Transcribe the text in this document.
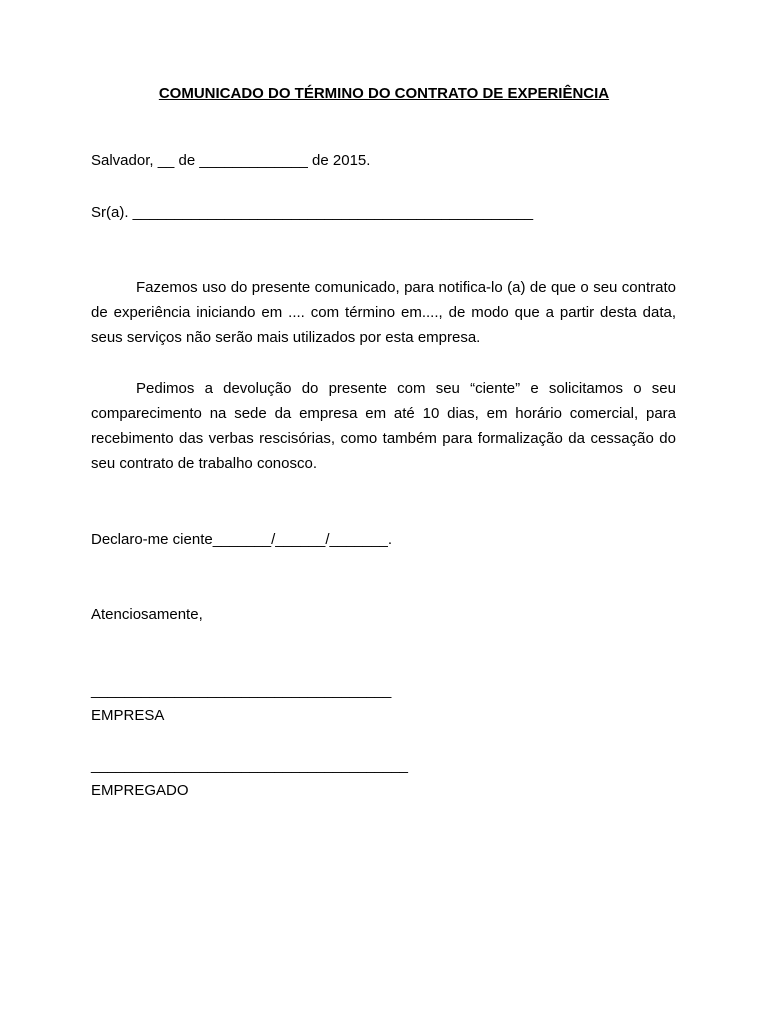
COMUNICADO DO TÉRMINO DO CONTRATO DE EXPERIÊNCIA
Salvador, __ de _____________ de 2015.
Sr(a). ________________________________________________
Fazemos uso do presente comunicado, para notifica-lo (a) de que o seu contrato de experiência iniciando em .... com término em...., de modo que a partir desta data, seus serviços não serão mais utilizados por esta empresa.
Pedimos a devolução do presente com seu “ciente” e solicitamos o seu comparecimento na sede da empresa em até 10 dias, em horário comercial, para recebimento das verbas rescisórias, como também para formalização da cessação do seu contrato de trabalho conosco.
Declaro-me ciente_______/______/_______.
Atenciosamente,
____________________________________
EMPRESA
______________________________________
EMPREGADO
